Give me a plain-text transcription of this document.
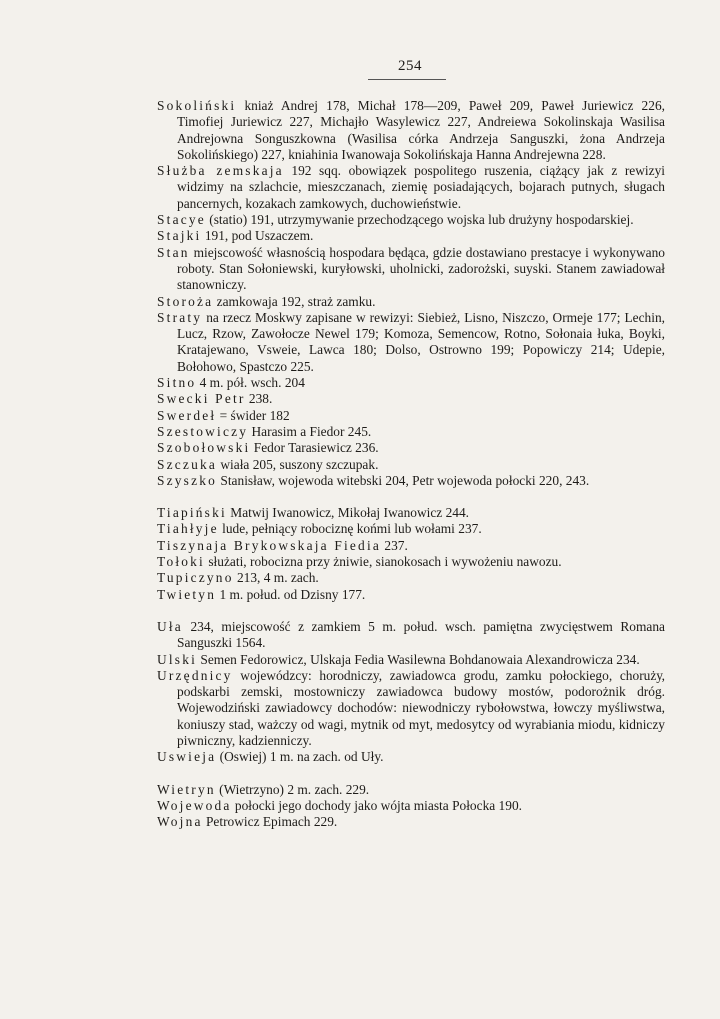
254

Sokoliński kniaż Andrej 178, Michał 178—209, Paweł 209, Paweł Juriewicz 226, Timofiej Juriewicz 227, Michajło Wasylewicz 227, Andreiewa Sokolinskaja Wasilisa Andrejowna Songuszkowna (Wasilisa córka Andrzeja Sanguszki, żona Andrzeja Sokolińskiego) 227, kniahinia Iwanowaja Sokolińskaja Hanna Andrejewna 228.

Służba zemskaja 192 sqq. obowiązek pospolitego ruszenia, ciążący jak z rewizyi widzimy na szlachcie, mieszczanach, ziemię posiadających, bojarach putnych, sługach pancernych, kozakach zamkowych, duchowieństwie.

Stacye (statio) 191, utrzymywanie przechodzącego wojska lub drużyny hospodarskiej.

Stajki 191, pod Uszaczem.

Stan miejscowość własnością hospodara będąca, gdzie dostawiano prestacye i wykonywano roboty. Stan Sołoniewski, kuryłowski, uholnicki, zadorożski, suyski. Stanem zawiadował stanowniczy.

Storoża zamkowaja 192, straż zamku.

Straty na rzecz Moskwy zapisane w rewizyi: Siebież, Lisno, Niszczo, Ormeje 177; Lechin, Lucz, Rzow, Zawołocze Newel 179; Komoza, Semencow, Rotno, Sołonaia łuka, Boyki, Kratajewano, Vsweie, Lawca 180; Dolso, Ostrowno 199; Popowiczy 214; Udepie, Bołohowo, Spastczo 225.

Sitno 4 m. pół. wsch. 204

Swecki Petr 238.

Swerdeł = świder 182

Szestowiczy Harasim a Fiedor 245.

Szobołowski Fedor Tarasiewicz 236.

Szczuka wiała 205, suszony szczupak.

Szyszko Stanisław, wojewoda witebski 204, Petr wojewoda połocki 220, 243.

Tiapiński Matwij Iwanowicz, Mikołaj Iwanowicz 244.

Tiahłyje lude, pełniący robociznę końmi lub wołami 237.

Tiszynaja Brykowskaja Fiedia 237.

Tołoki służati, robocizna przy żniwie, sianokosach i wywożeniu nawozu.

Tupiczyno 213, 4 m. zach.

Twietyn 1 m. połud. od Dzisny 177.

Uła 234, miejscowość z zamkiem 5 m. połud. wsch. pamiętna zwycięstwem Romana Sanguszki 1564.

Ulski Semen Fedorowicz, Ulskaja Fedia Wasilewna Bohdanowaia Alexandrowicza 234.

Urzędnicy wojewódzcy: horodniczy, zawiadowca grodu, zamku połockiego, chorużу, podskarbi zemski, mostowniczy zawiadowca budowy mostów, podorożnik dróg. Wojewodziński zawiadowcy dochodów: niewodniczy rybołowstwa, łowczy myśliwstwa, koniuszy stad, ważczy od wagi, mytnik od myt, medosytcy od wyrabiania miodu, kidniczy piwniczny, kadzienniczy.

Uswieja (Oswiej) 1 m. na zach. od Uły.

Wietryn (Wietrzyno) 2 m. zach. 229.

Wojewoda połocki jego dochody jako wójta miasta Połocka 190.

Wojna Petrowicz Epimach 229.
